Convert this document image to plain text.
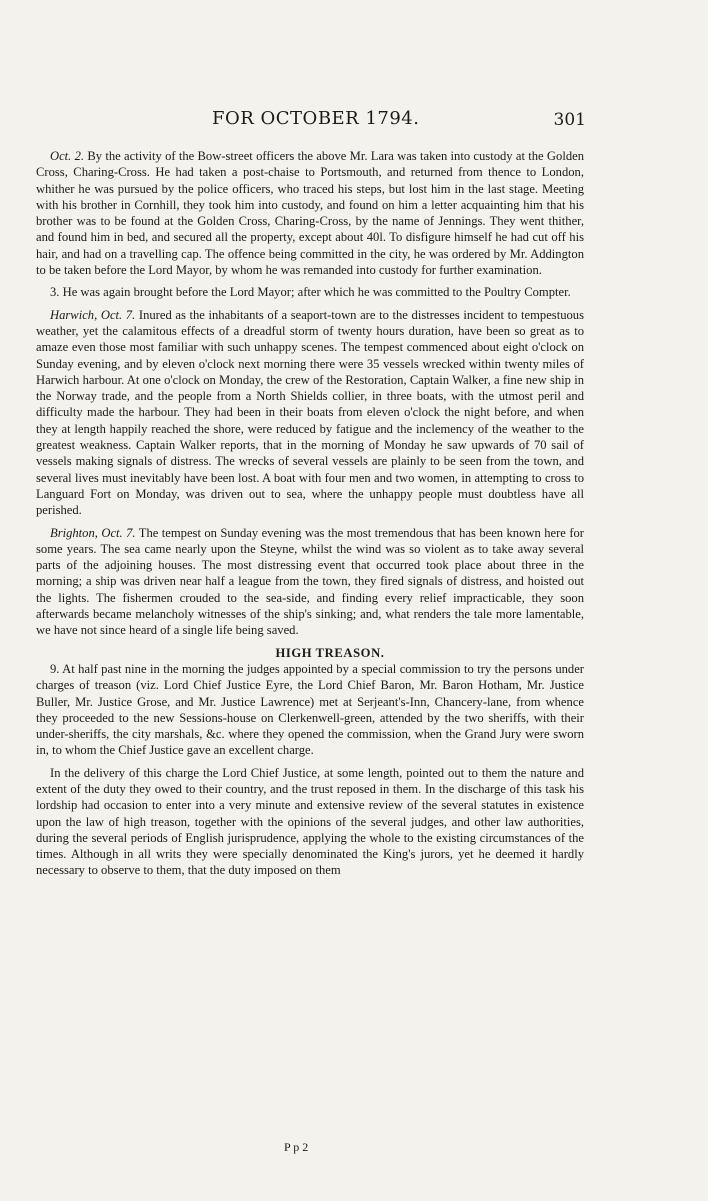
FOR OCTOBER 1794.	301

Oct. 2. By the activity of the Bow-street officers the above Mr. Lara was taken into custody at the Golden Cross, Charing-Cross. He had taken a post-chaise to Portsmouth, and returned from thence to London, whither he was pursued by the police officers, who traced his steps, but lost him in the last stage. Meeting with his brother in Cornhill, they took him into custody, and found on him a letter acquainting him that his brother was to be found at the Golden Cross, Charing-Cross, by the name of Jennings. They went thither, and found him in bed, and secured all the property, except about 40l. To disfigure himself he had cut off his hair, and had on a travelling cap. The offence being committed in the city, he was ordered by Mr. Addington to be taken before the Lord Mayor, by whom he was remanded into custody for further examination.

3. He was again brought before the Lord Mayor; after which he was committed to the Poultry Compter.

Harwich, Oct. 7. Inured as the inhabitants of a seaport-town are to the distresses incident to tempestuous weather, yet the calamitous effects of a dreadful storm of twenty hours duration, have been so great as to amaze even those most familiar with such unhappy scenes. The tempest commenced about eight o'clock on Sunday evening, and by eleven o'clock next morning there were 35 vessels wrecked within twenty miles of Harwich harbour. At one o'clock on Monday, the crew of the Restoration, Captain Walker, a fine new ship in the Norway trade, and the people from a North Shields collier, in three boats, with the utmost peril and difficulty made the harbour. They had been in their boats from eleven o'clock the night before, and when they at length happily reached the shore, were reduced by fatigue and the inclemency of the weather to the greatest weakness. Captain Walker reports, that in the morning of Monday he saw upwards of 70 sail of vessels making signals of distress. The wrecks of several vessels are plainly to be seen from the town, and several lives must inevitably have been lost. A boat with four men and two women, in attempting to cross to Languard Fort on Monday, was driven out to sea, where the unhappy people must doubtless have all perished.

Brighton, Oct. 7. The tempest on Sunday evening was the most tremendous that has been known here for some years. The sea came nearly upon the Steyne, whilst the wind was so violent as to take away several parts of the adjoining houses. The most distressing event that occurred took place about three in the morning; a ship was driven near half a league from the town, they fired signals of distress, and hoisted out the lights. The fishermen crouded to the sea-side, and finding every relief impracticable, they soon afterwards became melancholy witnesses of the ship's sinking; and, what renders the tale more lamentable, we have not since heard of a single life being saved.

HIGH TREASON.

9. At half past nine in the morning the judges appointed by a special commission to try the persons under charges of treason (viz. Lord Chief Justice Eyre, the Lord Chief Baron, Mr. Baron Hotham, Mr. Justice Buller, Mr. Justice Grose, and Mr. Justice Lawrence) met at Serjeant's-Inn, Chancery-lane, from whence they proceeded to the new Sessions-house on Clerkenwell-green, attended by the two sheriffs, with their under-sheriffs, the city marshals, &c. where they opened the commission, when the Grand Jury were sworn in, to whom the Chief Justice gave an excellent charge.

In the delivery of this charge the Lord Chief Justice, at some length, pointed out to them the nature and extent of the duty they owed to their country, and the trust reposed in them. In the discharge of this task his lordship had occasion to enter into a very minute and extensive review of the several statutes in existence upon the law of high treason, together with the opinions of the several judges, and other law authorities, during the several periods of English jurisprudence, applying the whole to the existing circumstances of the times. Although in all writs they were specially denominated the King's jurors, yet he deemed it hardly necessary to observe to them, that the duty imposed on them

P p 2
